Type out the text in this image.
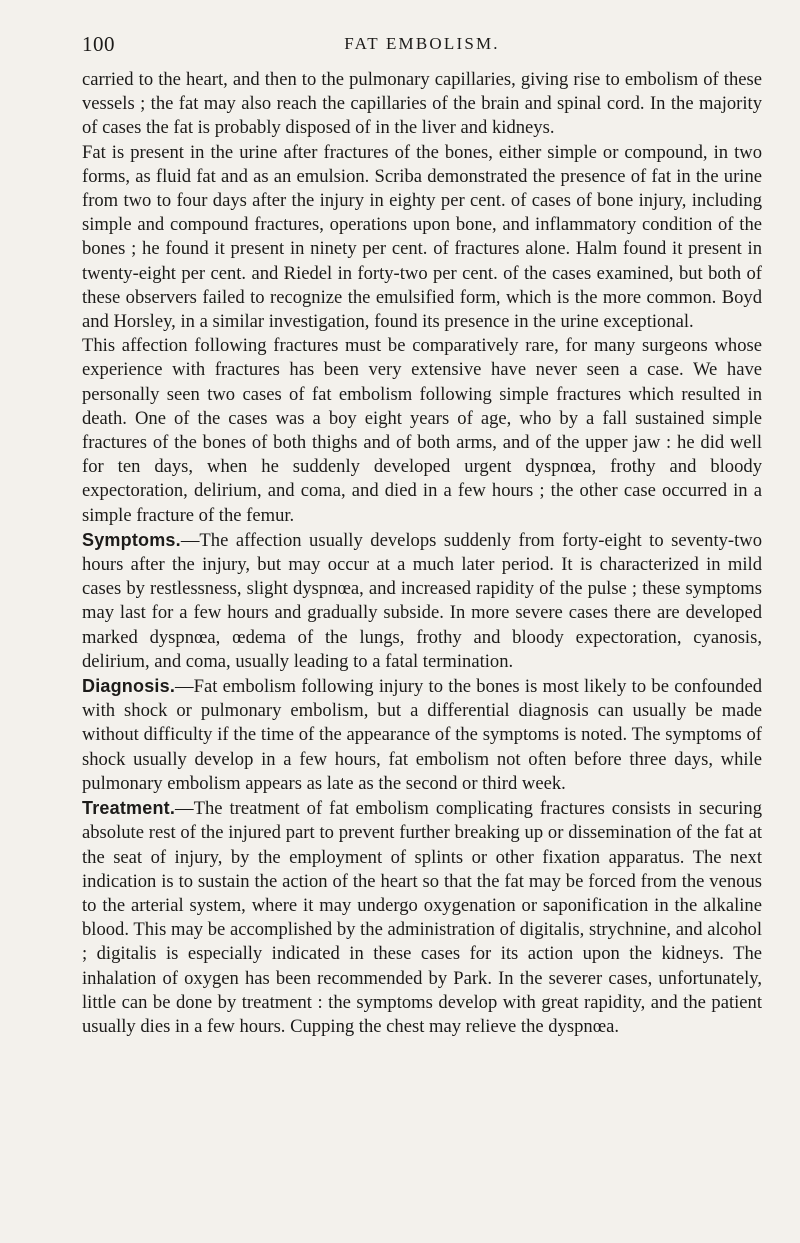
100	FAT EMBOLISM.

carried to the heart, and then to the pulmonary capillaries, giving rise to embolism of these vessels ; the fat may also reach the capillaries of the brain and spinal cord. In the majority of cases the fat is probably disposed of in the liver and kidneys.

Fat is present in the urine after fractures of the bones, either simple or compound, in two forms, as fluid fat and as an emulsion. Scriba demonstrated the presence of fat in the urine from two to four days after the injury in eighty per cent. of cases of bone injury, including simple and compound fractures, operations upon bone, and inflammatory condition of the bones ; he found it present in ninety per cent. of fractures alone. Halm found it present in twenty-eight per cent. and Riedel in forty-two per cent. of the cases examined, but both of these observers failed to recognize the emulsified form, which is the more common. Boyd and Horsley, in a similar investigation, found its presence in the urine exceptional.

This affection following fractures must be comparatively rare, for many surgeons whose experience with fractures has been very extensive have never seen a case. We have personally seen two cases of fat embolism following simple fractures which resulted in death. One of the cases was a boy eight years of age, who by a fall sustained simple fractures of the bones of both thighs and of both arms, and of the upper jaw : he did well for ten days, when he suddenly developed urgent dyspnœa, frothy and bloody expectoration, delirium, and coma, and died in a few hours ; the other case occurred in a simple fracture of the femur.

Symptoms.—The affection usually develops suddenly from forty-eight to seventy-two hours after the injury, but may occur at a much later period. It is characterized in mild cases by restlessness, slight dyspnœa, and increased rapidity of the pulse ; these symptoms may last for a few hours and gradually subside. In more severe cases there are developed marked dyspnœa, œdema of the lungs, frothy and bloody expectoration, cyanosis, delirium, and coma, usually leading to a fatal termination.

Diagnosis.—Fat embolism following injury to the bones is most likely to be confounded with shock or pulmonary embolism, but a differential diagnosis can usually be made without difficulty if the time of the appearance of the symptoms is noted. The symptoms of shock usually develop in a few hours, fat embolism not often before three days, while pulmonary embolism appears as late as the second or third week.

Treatment.—The treatment of fat embolism complicating fractures consists in securing absolute rest of the injured part to prevent further breaking up or dissemination of the fat at the seat of injury, by the employment of splints or other fixation apparatus. The next indication is to sustain the action of the heart so that the fat may be forced from the venous to the arterial system, where it may undergo oxygenation or saponification in the alkaline blood. This may be accomplished by the administration of digitalis, strychnine, and alcohol ; digitalis is especially indicated in these cases for its action upon the kidneys. The inhalation of oxygen has been recommended by Park. In the severer cases, unfortunately, little can be done by treatment : the symptoms develop with great rapidity, and the patient usually dies in a few hours. Cupping the chest may relieve the dyspnœa.
